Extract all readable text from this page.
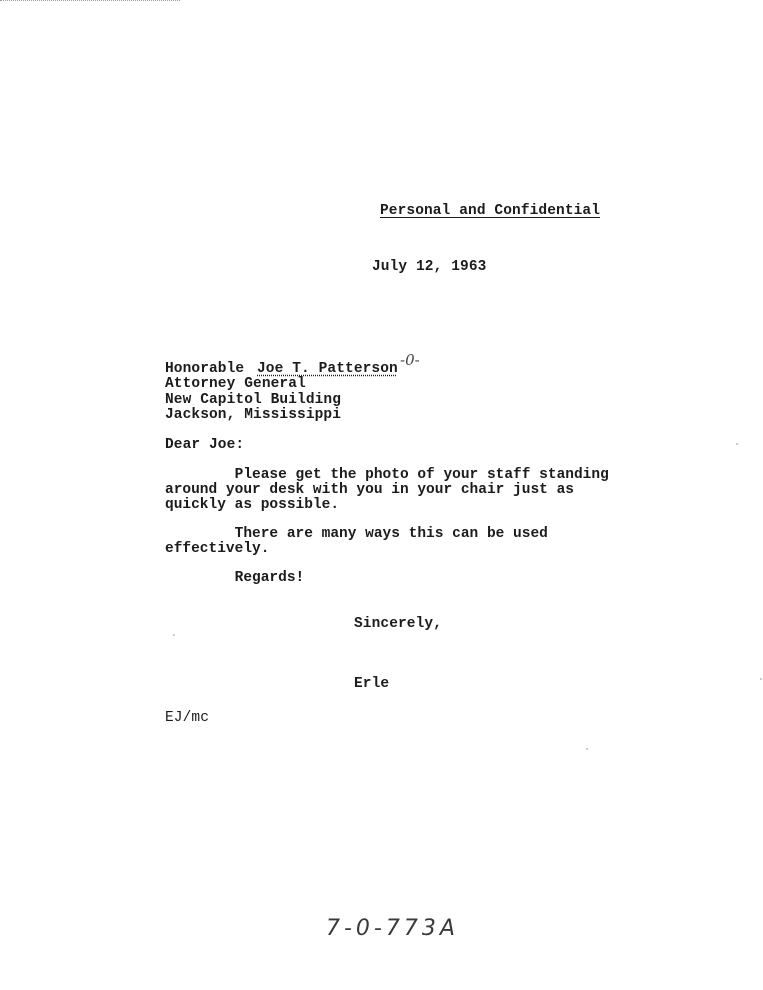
Personal and Confidential
July 12, 1963
Honorable Joe T. Patterson -0-
Attorney General
New Capitol Building
Jackson, Mississippi
Dear Joe:
Please get the photo of your staff standing
around your desk with you in your chair just as
quickly as possible.
There are many ways this can be used
effectively.
Regards!
Sincerely,
Erle
EJ/mc
7-0-773A
